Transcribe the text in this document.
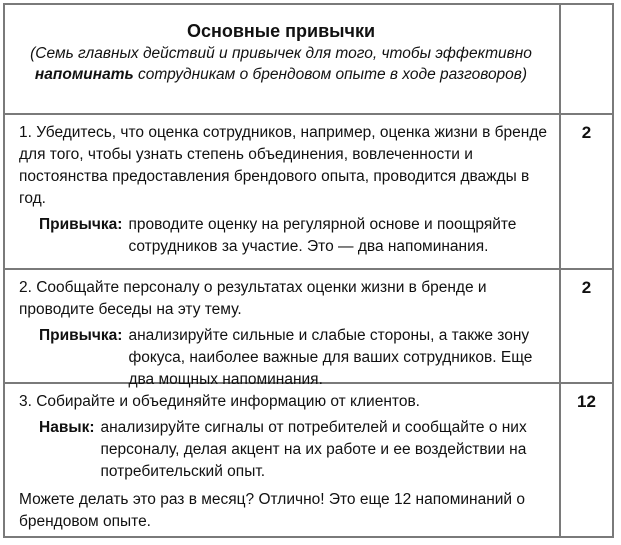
Основные привычки
(Семь главных действий и привычек для того, чтобы эффективно напоминать сотрудникам о брендовом опыте в ходе разговоров)
1. Убедитесь, что оценка сотрудников, например, оценка жизни в бренде для того, чтобы узнать степень объединения, вовлеченности и постоянства предоставления брендового опыта, проводится дважды в год.
Привычка: проводите оценку на регулярной основе и поощряйте сотрудников за участие. Это — два напоминания.
2
2. Сообщайте персоналу о результатах оценки жизни в бренде и проводите беседы на эту тему.
Привычка: анализируйте сильные и слабые стороны, а также зону фокуса, наиболее важные для ваших сотрудников. Еще два мощных напоминания.
2
3. Собирайте и объединяйте информацию от клиентов.
Навык: анализируйте сигналы от потребителей и сообщайте о них персоналу, делая акцент на их работе и ее воздействии на потребительский опыт.
Можете делать это раз в месяц? Отлично! Это еще 12 напоминаний о брендовом опыте.
12
